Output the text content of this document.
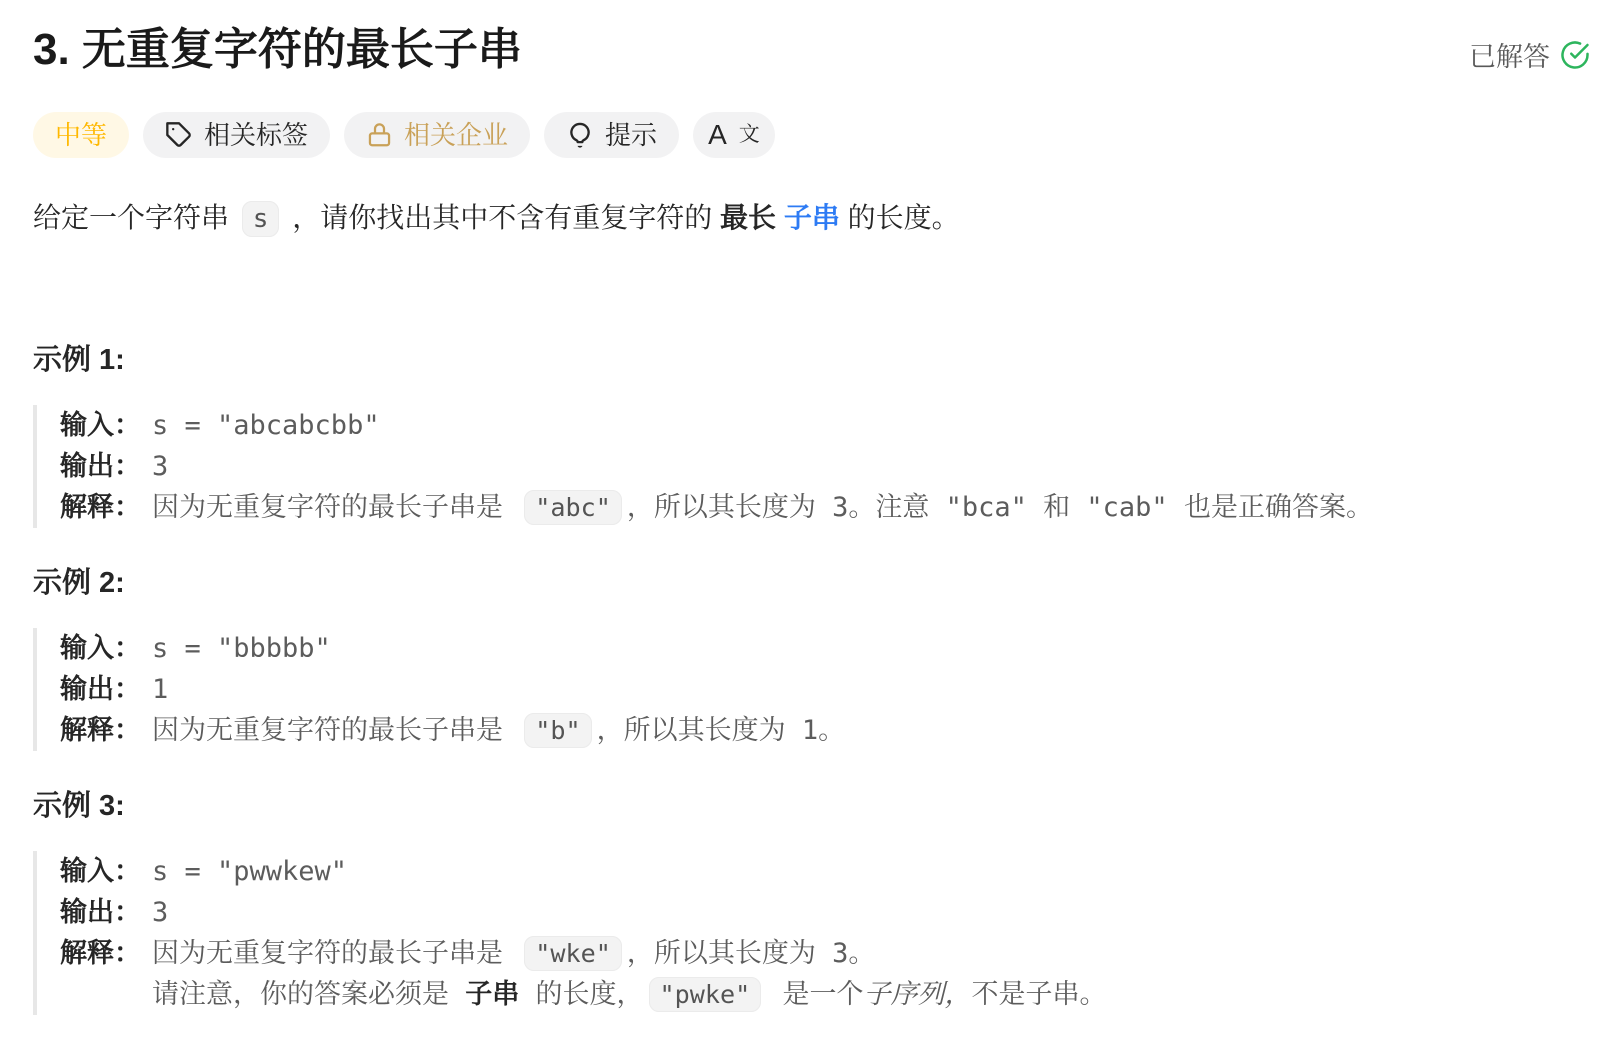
3. 无重复字符的最长子串	已解答
中等	相关标签	相关企业	提示 A 文

给定一个字符串 s ，请你找出其中不含有重复字符的 最长 子串 的长度。

示例 1:
输入： s = "abcabcbb"
输出： 3
解释： 因为无重复字符的最长子串是 "abc" ，所以其长度为 3。注意 "bca" 和 "cab" 也是正确答案。
示例 2:
输入： s = "bbbbb"
输出： 1
解释： 因为无重复字符的最长子串是 "b" ，所以其长度为 1。
示例 3:
输入： s = "pwwkew"
输出： 3
解释： 因为无重复字符的最长子串是 "wke" ，所以其长度为 3。
请注意，你的答案必须是 子串 的长度， "pwke" 是一个子序列，不是子串。
